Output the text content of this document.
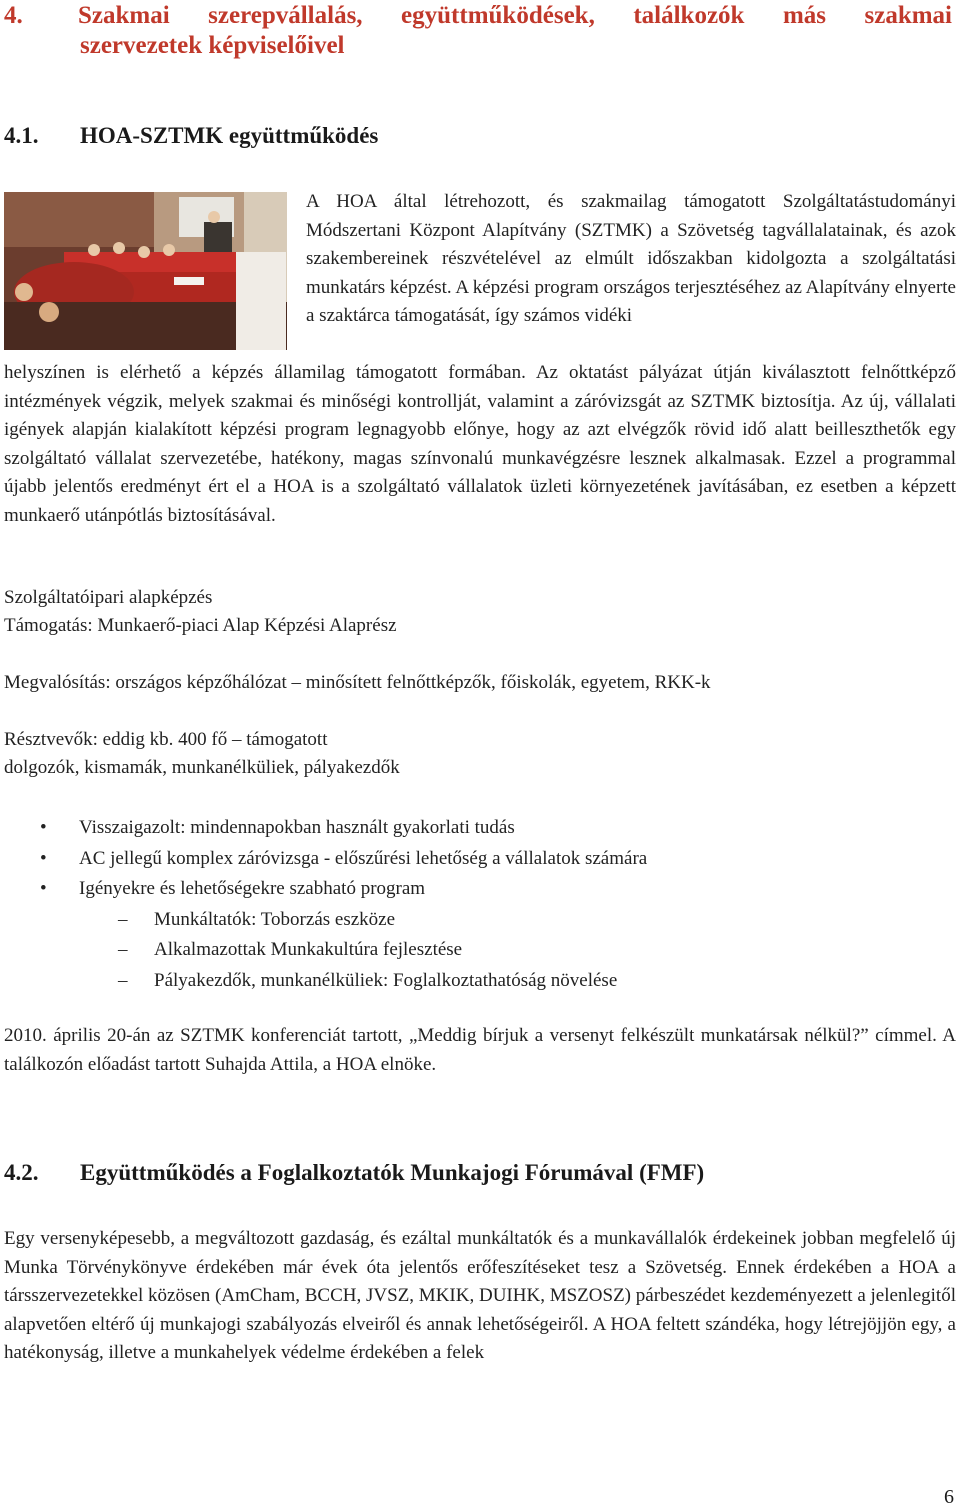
4. Szakmai szerepvállalás, együttműködések, találkozók más szakmai
szervezetek képviselőivel
4.1. HOA-SZTMK együttműködés
A HOA által létrehozott, és szakmailag támogatott Szolgáltatástudományi Módszertani Központ Alapítvány (SZTMK) a Szövetség tagvállalatainak, és azok szakembereinek részvételével az elmúlt időszakban kidolgozta a szolgáltatási munkatárs képzést. A képzési program országos terjesztéséhez az Alapítvány elnyerte a szaktárca támogatását, így számos vidéki
helyszínen is elérhető a képzés államilag támogatott formában. Az oktatást pályázat útján kiválasztott felnőttképző intézmények végzik, melyek szakmai és minőségi kontrollját, valamint a záróvizsgát az SZTMK biztosítja. Az új, vállalati igények alapján kialakított képzési program legnagyobb előnye, hogy az azt elvégzők rövid idő alatt beilleszthetők egy szolgáltató vállalat szervezetébe, hatékony, magas színvonalú munkavégzésre lesznek alkalmasak. Ezzel a programmal újabb jelentős eredményt ért el a HOA is a szolgáltató vállalatok üzleti környezetének javításában, ez esetben a képzett munkaerő utánpótlás biztosításával.
Szolgáltatóipari alapképzés
Támogatás: Munkaerő-piaci Alap Képzési Alaprész
Megvalósítás: országos képzőhálózat – minősített felnőttképzők, főiskolák, egyetem, RKK-k
Résztvevők: eddig kb. 400 fő – támogatott
dolgozók, kismamák, munkanélküliek, pályakezdők
• Visszaigazolt: mindennapokban használt gyakorlati tudás
• AC jellegű komplex záróvizsga - előszűrési lehetőség a vállalatok számára
• Igényekre és lehetőségekre szabható program
– Munkáltatók: Toborzás eszköze
– Alkalmazottak Munkakultúra fejlesztése
– Pályakezdők, munkanélküliek: Foglalkoztathatóság növelése
2010. április 20-án az SZTMK konferenciát tartott, „Meddig bírjuk a versenyt felkészült munkatársak nélkül?” címmel. A találkozón előadást tartott Suhajda Attila, a HOA elnöke.
4.2. Együttműködés a Foglalkoztatók Munkajogi Fórumával (FMF)
Egy versenyképesebb, a megváltozott gazdaság, és ezáltal munkáltatók és a munkavállalók érdekeinek jobban megfelelő új Munka Törvénykönyve érdekében már évek óta jelentős erőfeszítéseket tesz a Szövetség. Ennek érdekében a HOA a társszervezetekkel közösen (AmCham, BCCH, JVSZ, MKIK, DUIHK, MSZOSZ) párbeszédet kezdeményezett a jelenlegitől alapvetően eltérő új munkajogi szabályozás elveiről és annak lehetőségeiről. A HOA feltett szándéka, hogy létrejöjjön egy, a hatékonyság, illetve a munkahelyek védelme érdekében a felek
6
